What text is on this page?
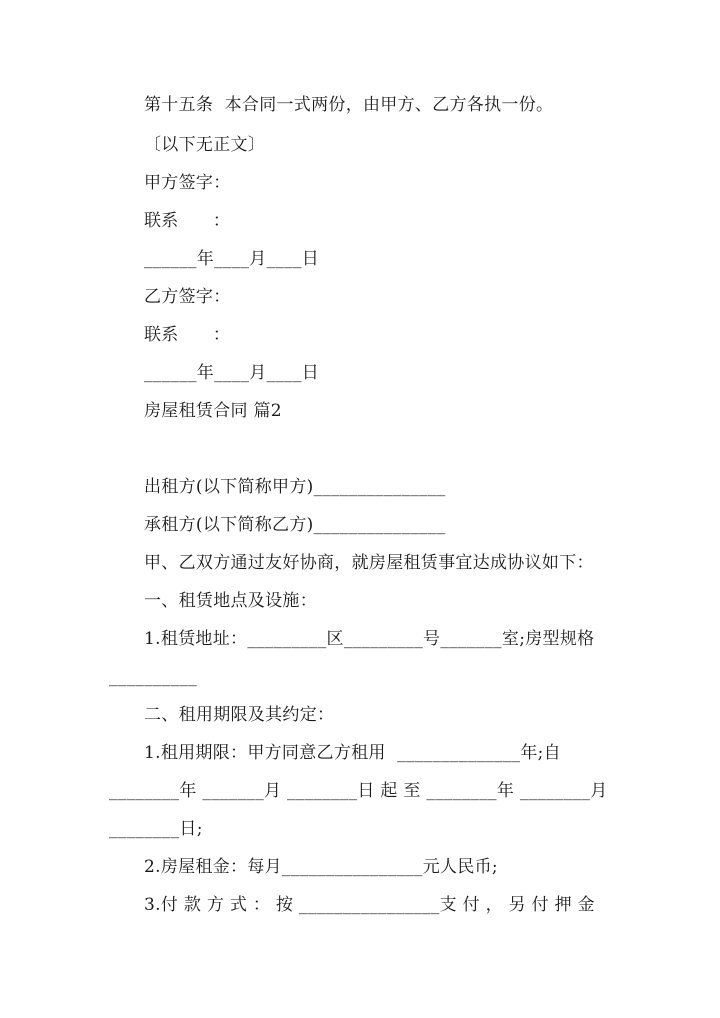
第十五条  本合同一式两份，由甲方、乙方各执一份。
〔以下无正文〕
甲方签字：
联系      ：
______年____月____日
乙方签字：
联系      ：
______年____月____日
房屋租赁合同 篇2
出租方(以下简称甲方)_______________
承租方(以下简称乙方)_______________
甲、乙双方通过友好协商，就房屋租赁事宜达成协议如下：
一、租赁地点及设施：
1.租赁地址：_________区_________号_______室;房型规格
__________
二、租用期限及其约定：
1.租用期限：甲方同意乙方租用  ______________年;自
________年 _______月 ________日 起 至 ________年 ________月
________日;
2.房屋租金：每月________________元人民币;
3.付 款 方 式 ： 按 ________________支 付 ， 另 付 押 金
